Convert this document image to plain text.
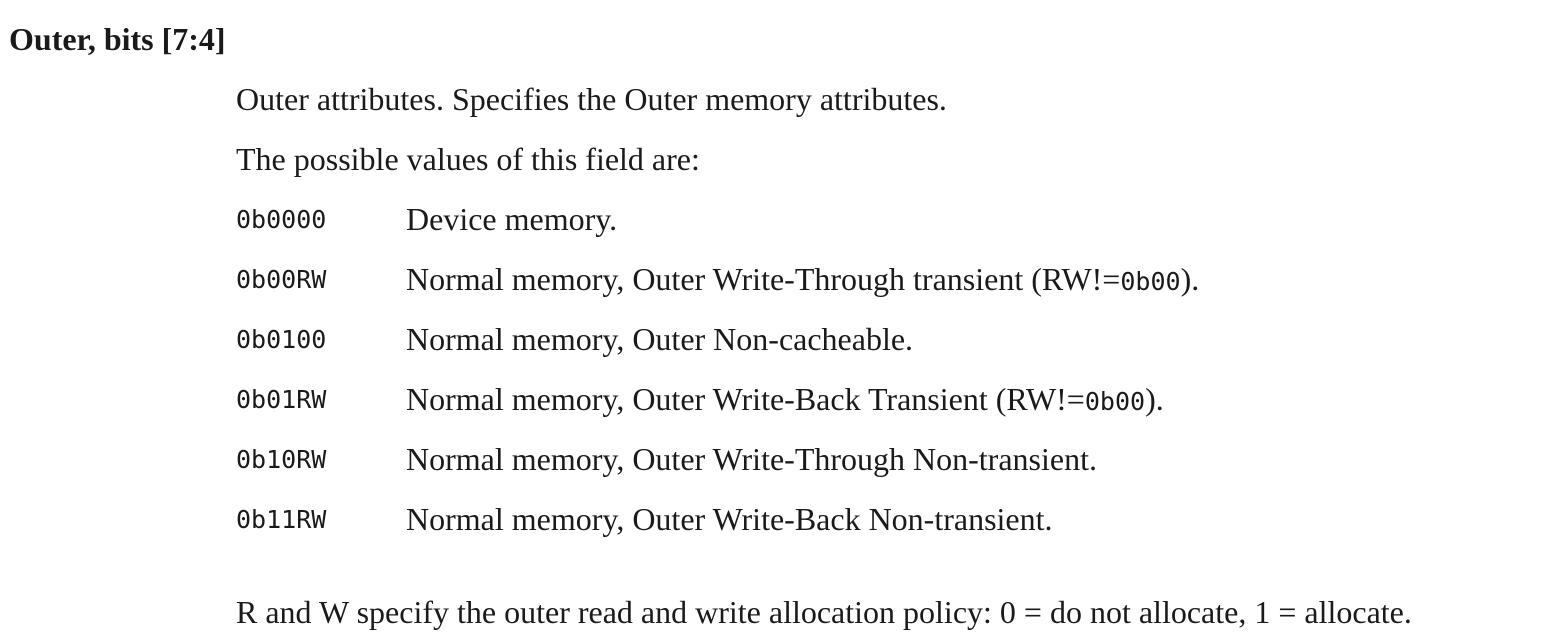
Outer, bits [7:4]

Outer attributes. Specifies the Outer memory attributes.

The possible values of this field are:

0b0000 Device memory.
0b00RW Normal memory, Outer Write-Through transient (RW!=0b00).
0b0100 Normal memory, Outer Non-cacheable.
0b01RW Normal memory, Outer Write-Back Transient (RW!=0b00).
0b10RW Normal memory, Outer Write-Through Non-transient.
0b11RW Normal memory, Outer Write-Back Non-transient.

R and W specify the outer read and write allocation policy: 0 = do not allocate, 1 = allocate.
